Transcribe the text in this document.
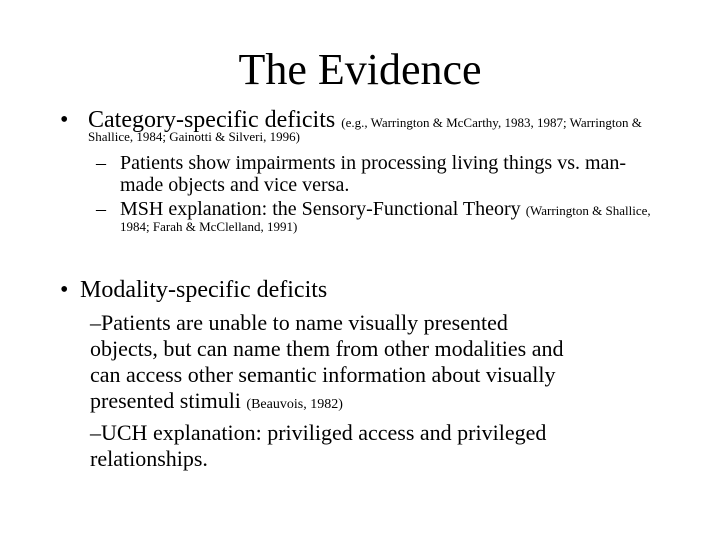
The Evidence
• Category-specific deficits (e.g., Warrington & McCarthy, 1983, 1987; Warrington &
Shallice, 1984; Gainotti & Silveri, 1996)
– Patients show impairments in processing living things vs. man-
made objects and vice versa.
– MSH explanation: the Sensory-Functional Theory (Warrington & Shallice,
1984; Farah & McClelland, 1991)
• Modality-specific deficits
–Patients are unable to name visually presented
objects, but can name them from other modalities and
can access other semantic information about visually
presented stimuli (Beauvois, 1982)
–UCH explanation: priviliged access and privileged
relationships.
